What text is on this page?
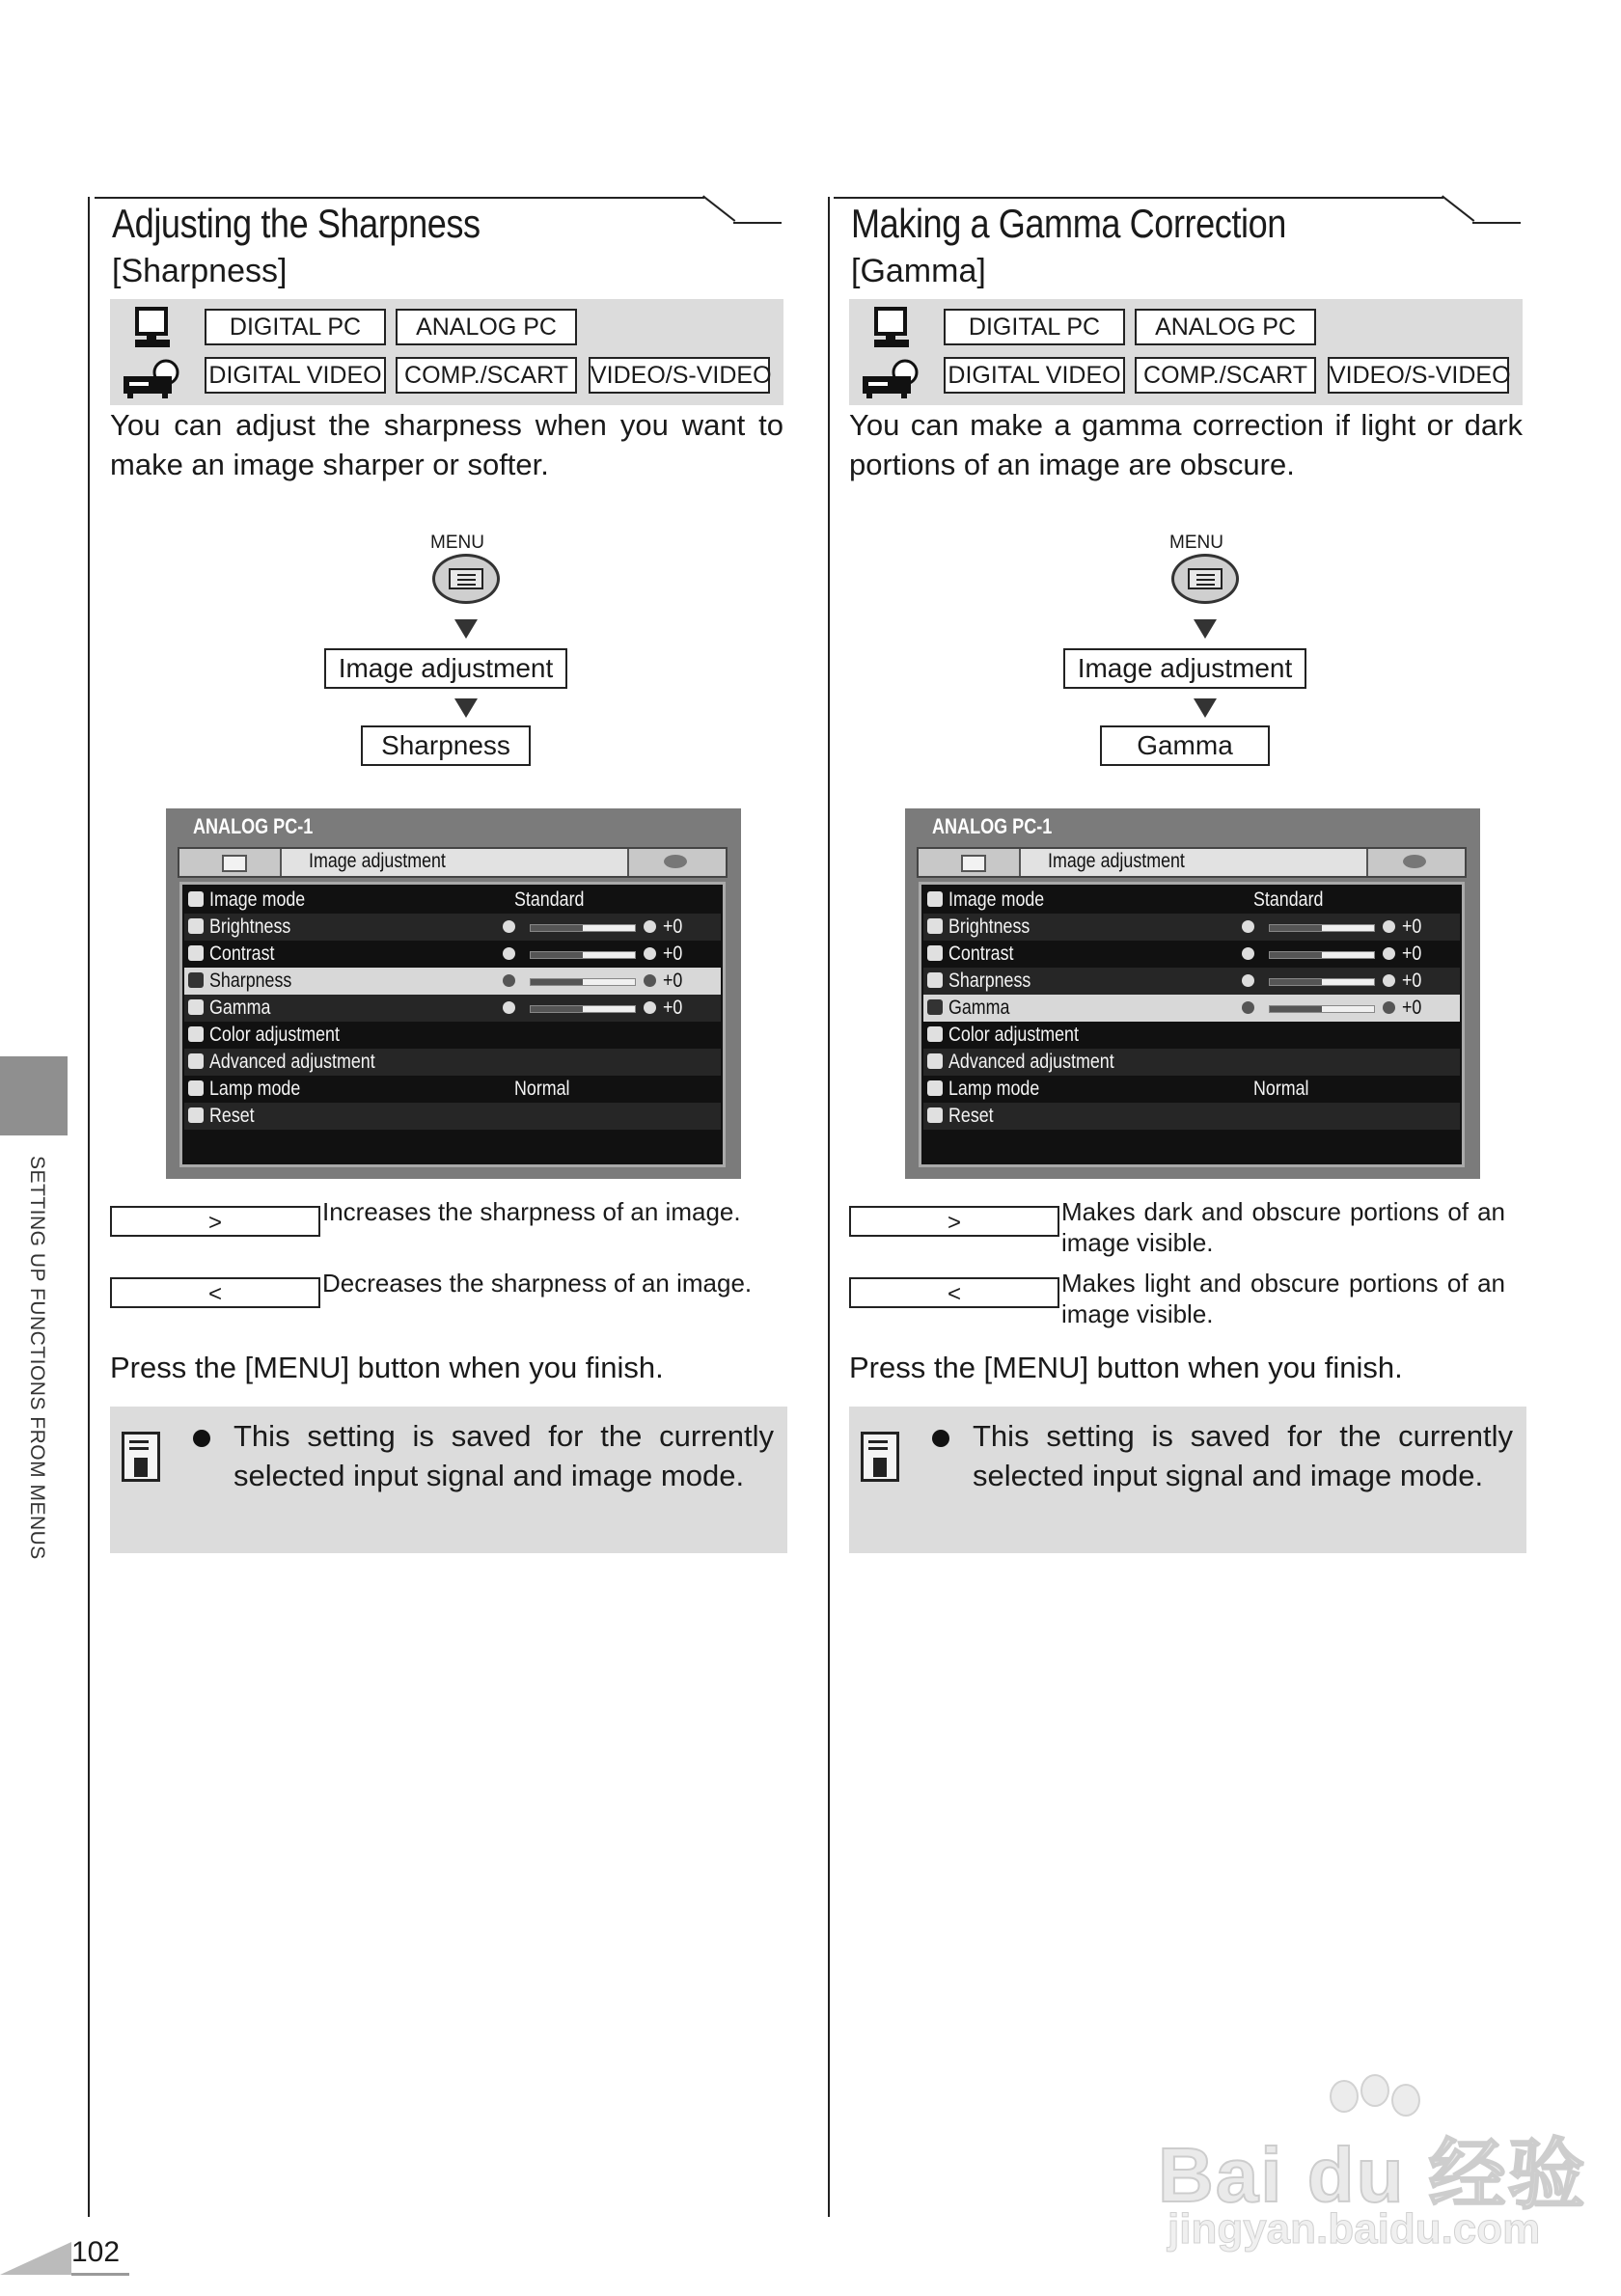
SETTING UP FUNCTIONS FROM MENUS
102
Adjusting the Sharpness
[Sharpness]
DIGITAL PC	ANALOG PC
DIGITAL VIDEO COMP./SCART VIDEO/S-VIDEO
You can adjust the sharpness when you want to make an image sharper or softer.
MENU
Image adjustment
Sharpness
ANALOG PC-1
Image adjustment
Image mode	Standard
Brightness	+0
Contrast	+0
Sharpness	+0
Gamma	+0
Color adjustment
Advanced adjustment
Lamp mode	Normal
Reset
>	Increases the sharpness of an image.
<	Decreases the sharpness of an image.
Press the [MENU] button when you finish.
This setting is saved for the currently selected input signal and image mode.
Making a Gamma Correction
[Gamma]
DIGITAL PC	ANALOG PC
DIGITAL VIDEO COMP./SCART VIDEO/S-VIDEO
You can make a gamma correction if light or dark portions of an image are obscure.
MENU
Image adjustment
Gamma
ANALOG PC-1
Image adjustment
Image mode	Standard
Brightness	+0
Contrast	+0
Sharpness	+0
Gamma	+0
Color adjustment
Advanced adjustment
Lamp mode	Normal
Reset
>	Makes dark and obscure portions of an image visible.
<	Makes light and obscure portions of an image visible.
Press the [MENU] button when you finish.
This setting is saved for the currently selected input signal and image mode.
Bai du 经验
jingyan.baidu.com
